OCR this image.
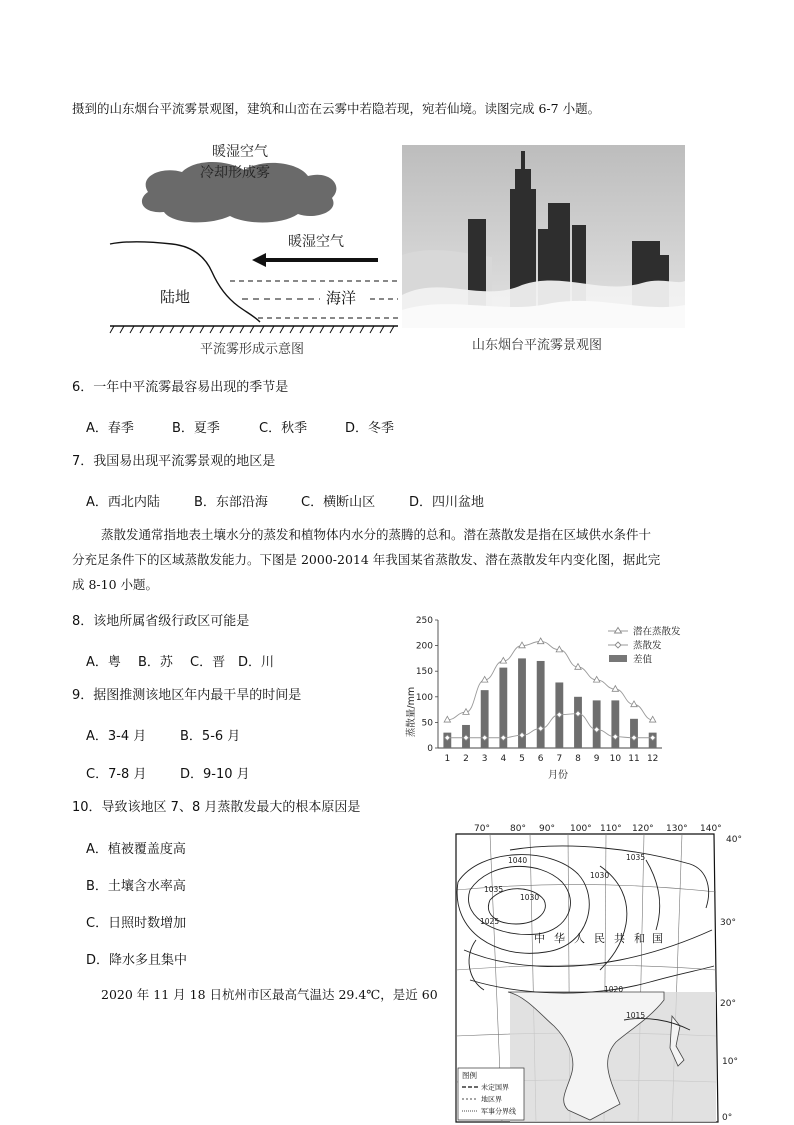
摄到的山东烟台平流雾景观图，建筑和山峦在云雾中若隐若现，宛若仙境。读图完成 6-7 小题。
暖湿空气
冷却形成雾
暖湿空气
陆地	海洋
平流雾形成示意图	山东烟台平流雾景观图
6．一年中平流雾最容易出现的季节是
A．春季	B．夏季	C．秋季	D．冬季
7．我国易出现平流雾景观的地区是
A．西北内陆	B．东部沿海	C．横断山区	D．四川盆地
蒸散发通常指地表土壤水分的蒸发和植物体内水分的蒸腾的总和。潜在蒸散发是指在区域供水条件十
分充足条件下的区域蒸散发能力。下图是 2000-2014 年我国某省蒸散发、潜在蒸散发年内变化图，据此完
成 8-10 小题。
8．该地所属省级行政区可能是
A．粤 B．苏 C．晋 D．川
9．据图推测该地区年内最干旱的时间是
A．3-4 月	B．5-6 月
C．7-8 月	D．9-10 月
10．导致该地区 7、8 月蒸散发最大的根本原因是
A．植被覆盖度高
B．土壤含水率高
C．日照时数增加
D．降水多且集中
2020 年 11 月 18 日杭州市区最高气温达 29.4℃，是近 60
0
50
100
150
200
250
1 2 3 4 5 6 7 8 9 10 11 12
蒸散量/mm
月份
潜在蒸散发
蒸散发
差值
70° 80° 90° 100° 110° 120° 130° 140°
40°
30°
20°
10°
0°
1040
1035
1030
1025
1020
1015
1035
1030
中 华 人 民 共 和 国
图例
未定国界
地区界
军事分界线
